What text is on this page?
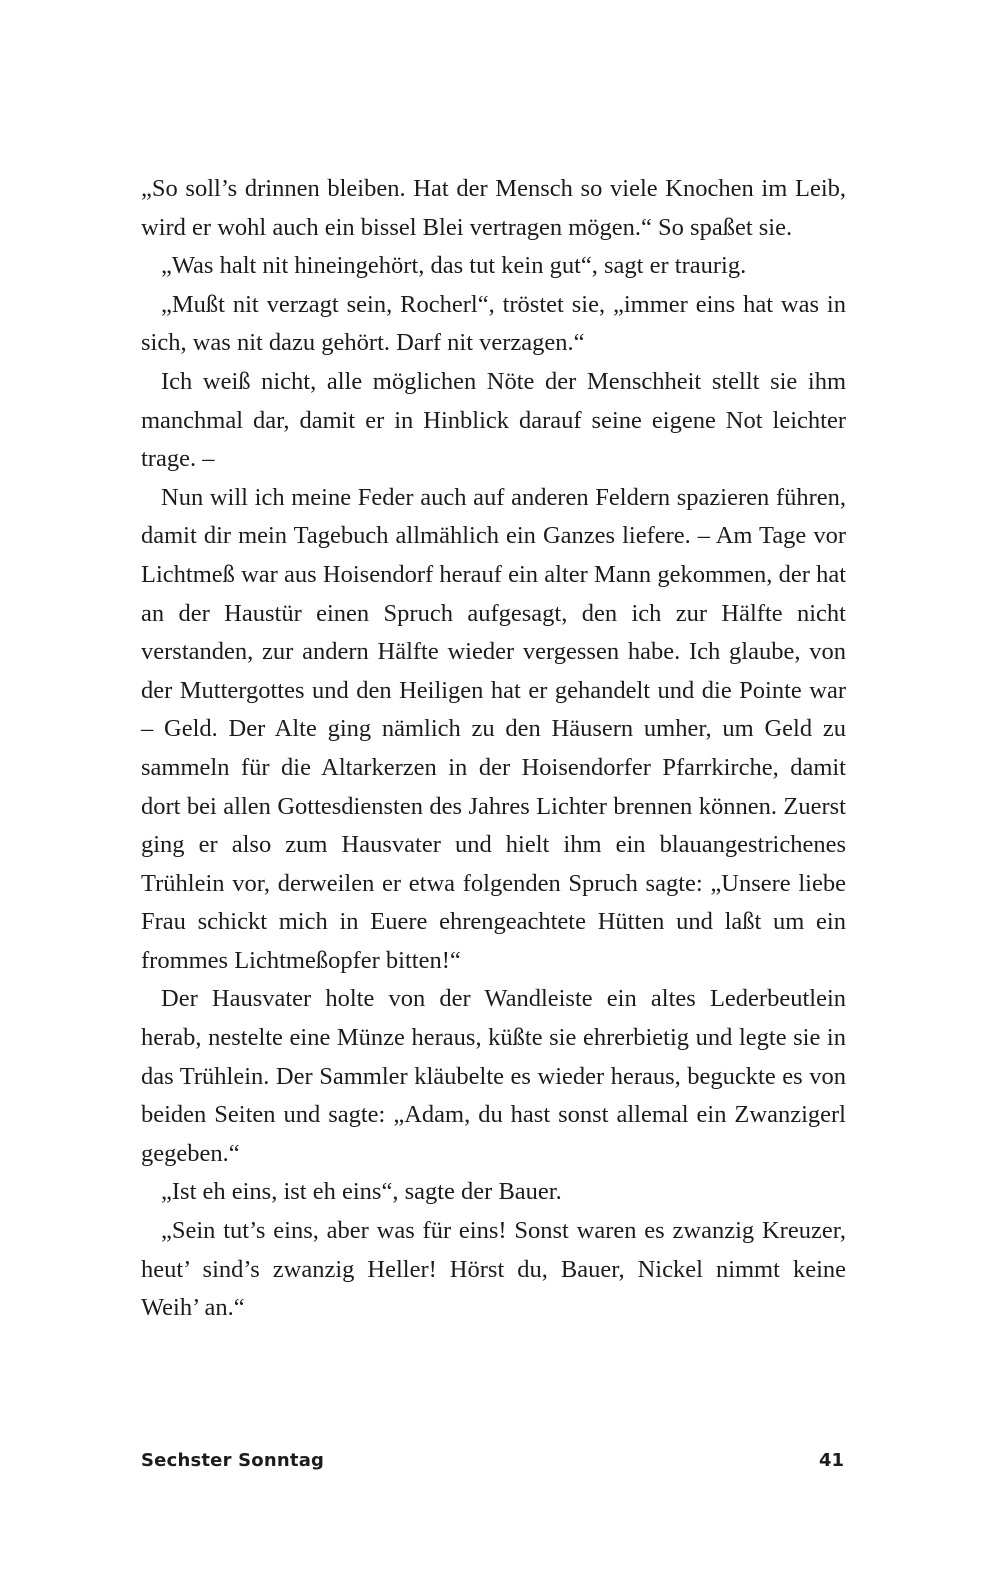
„So soll’s drinnen bleiben. Hat der Mensch so viele Knochen im Leib, wird er wohl auch ein bissel Blei vertragen mögen.“ So spaßet sie.

„Was halt nit hineingehört, das tut kein gut“, sagt er traurig.

„Mußt nit verzagt sein, Rocherl“, tröstet sie, „immer eins hat was in sich, was nit dazu gehört. Darf nit verzagen.“

Ich weiß nicht, alle möglichen Nöte der Menschheit stellt sie ihm manchmal dar, damit er in Hinblick darauf seine eigene Not leichter trage. –

Nun will ich meine Feder auch auf anderen Feldern spazieren führen, damit dir mein Tagebuch allmählich ein Ganzes liefere. – Am Tage vor Lichtmeß war aus Hoisendorf herauf ein alter Mann gekommen, der hat an der Haustür einen Spruch aufgesagt, den ich zur Hälfte nicht verstanden, zur andern Hälfte wieder vergessen habe. Ich glaube, von der Muttergottes und den Heiligen hat er gehandelt und die Pointe war – Geld. Der Alte ging nämlich zu den Häusern umher, um Geld zu sammeln für die Altarkerzen in der Hoisendorfer Pfarrkirche, damit dort bei allen Gottesdiensten des Jahres Lichter brennen können. Zuerst ging er also zum Hausvater und hielt ihm ein blauangestrichenes Trühlein vor, derweilen er etwa folgenden Spruch sagte: „Unsere liebe Frau schickt mich in Euere ehrengeachtete Hütten und laßt um ein frommes Lichtmeßopfer bitten!“

Der Hausvater holte von der Wandleiste ein altes Lederbeutlein herab, nestelte eine Münze heraus, küßte sie ehrerbietig und legte sie in das Trühlein. Der Sammler kläubelte es wieder heraus, beguckte es von beiden Seiten und sagte: „Adam, du hast sonst allemal ein Zwanzigerl gegeben.“

„Ist eh eins, ist eh eins“, sagte der Bauer.

„Sein tut’s eins, aber was für eins! Sonst waren es zwanzig Kreuzer, heut’ sind’s zwanzig Heller! Hörst du, Bauer, Nickel nimmt keine Weih’ an.“

Sechster Sonntag	41
